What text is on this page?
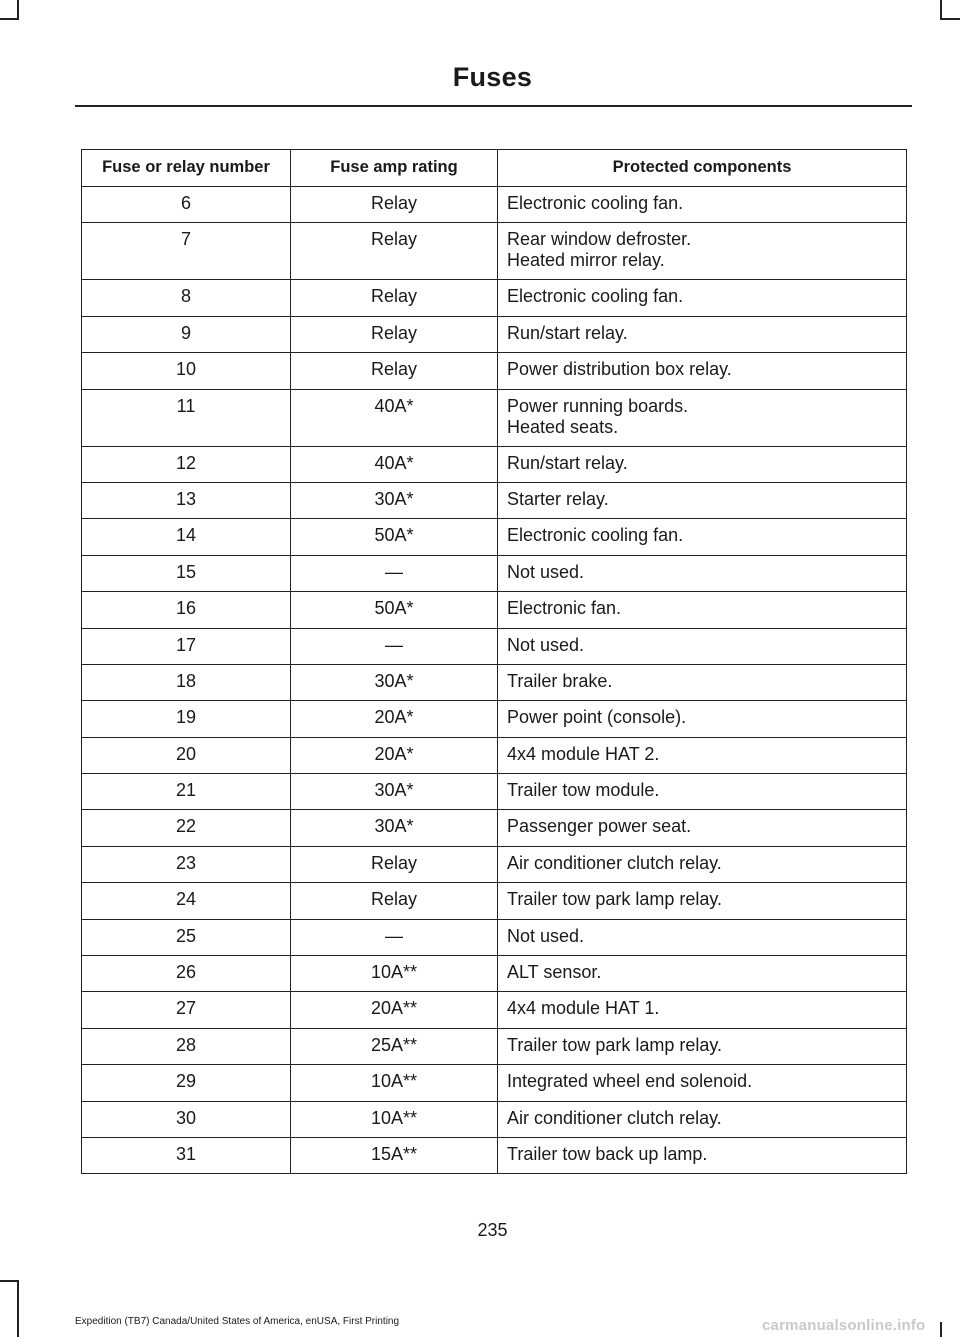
Fuses
Fuse or relay number	Fuse amp rating	Protected components
6	Relay	Electronic cooling fan.

7	Relay	Rear window defroster.
Heated mirror relay.

8	Relay	Electronic cooling fan.

9	Relay	Run/start relay.

10	Relay	Power distribution box relay.

11	40A*	Power running boards.
Heated seats.

12	40A*	Run/start relay.

13	30A*	Starter relay.

14	50A*	Electronic cooling fan.

15	—	Not used.

16	50A*	Electronic fan.

17	—	Not used.

18	30A*	Trailer brake.

19	20A*	Power point (console).

20	20A*	4x4 module HAT 2.

21	30A*	Trailer tow module.

22	30A*	Passenger power seat.

23	Relay	Air conditioner clutch relay.

24	Relay	Trailer tow park lamp relay.

25	—	Not used.

26	10A**	ALT sensor.

27	20A**	4x4 module HAT 1.

28	25A**	Trailer tow park lamp relay.

29	10A**	Integrated wheel end solenoid.

30	10A**	Air conditioner clutch relay.

31	15A**	Trailer tow back up lamp.
235
Expedition (TB7) Canada/United States of America, enUSA, First Printing	carmanualsonline.info
